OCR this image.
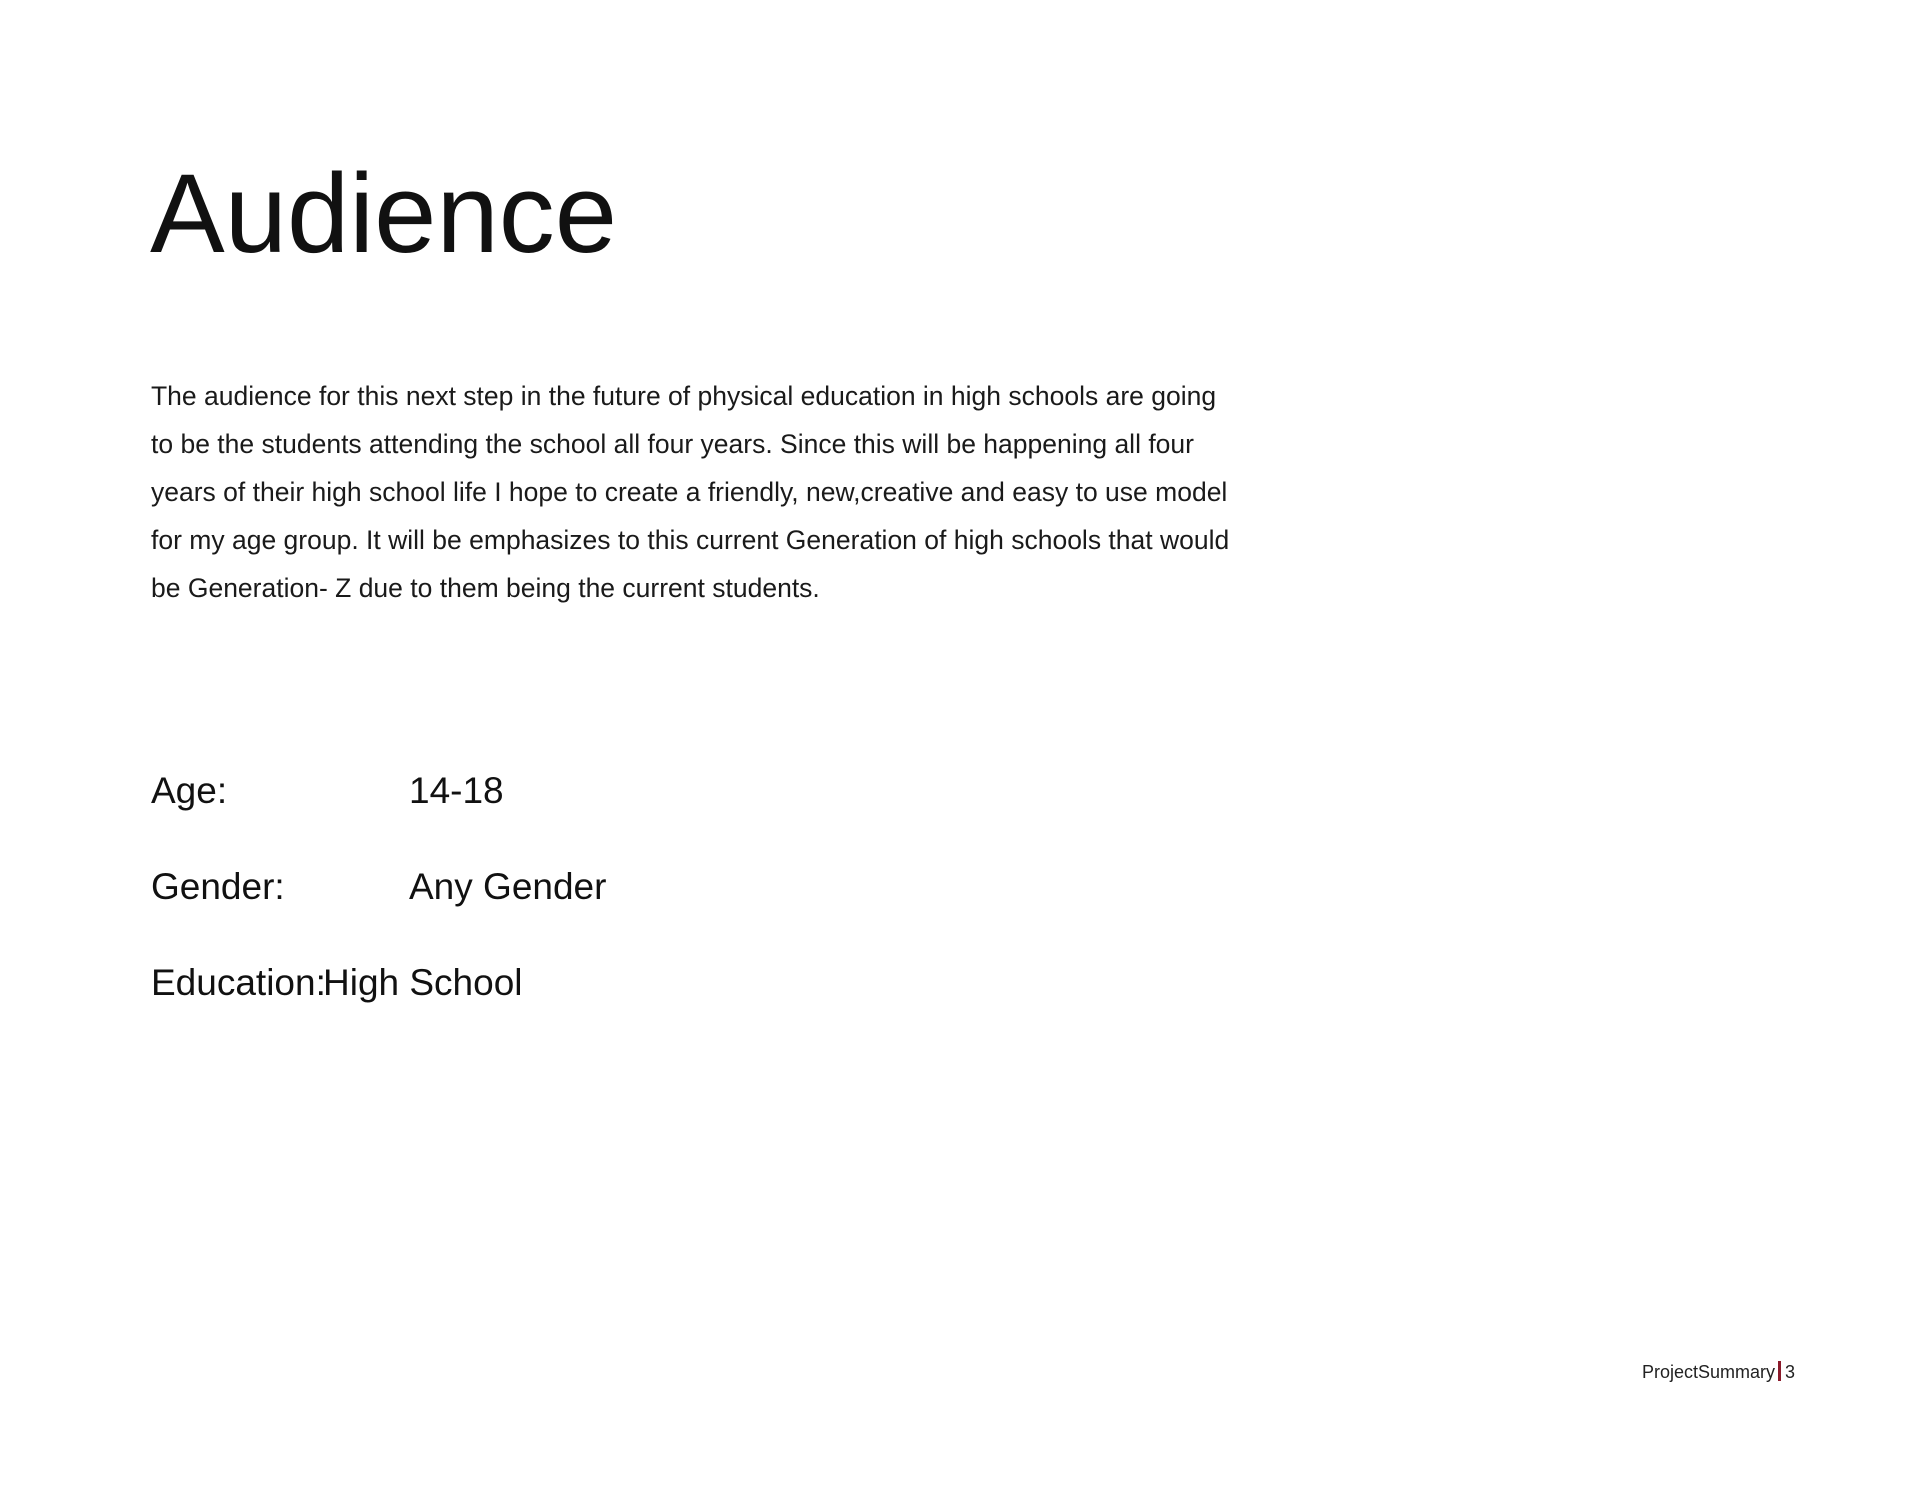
Audience
The audience for this next step in the future of physical education in high schools are going
to be the students attending the school all four years. Since this will be happening all four
years of their high school life I hope to create a friendly, new,creative and easy to use model
for my age group. It will be emphasizes to this current Generation of high schools that would
be Generation- Z due to them being the current students.
Age:	14-18
Gender:	Any Gender
Education:
High School
ProjectSummary 3
